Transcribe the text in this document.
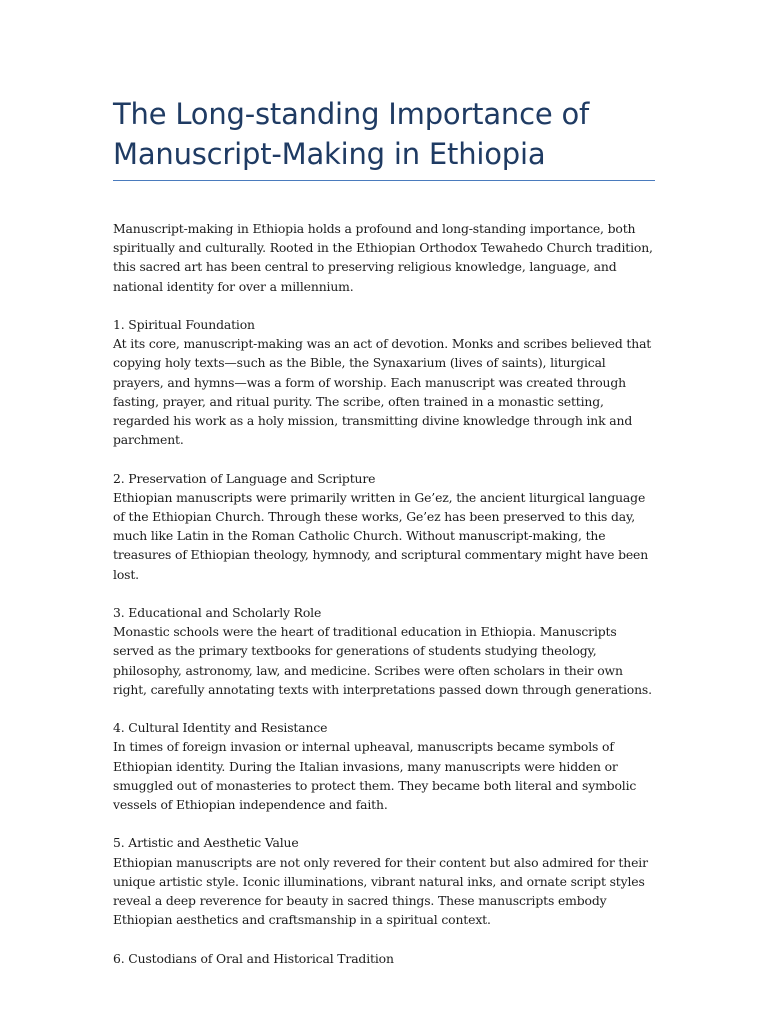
The Long-standing Importance of Manuscript-Making in Ethiopia

Manuscript-making in Ethiopia holds a profound and long-standing importance, both spiritually and culturally. Rooted in the Ethiopian Orthodox Tewahedo Church tradition, this sacred art has been central to preserving religious knowledge, language, and national identity for over a millennium.

1. Spiritual Foundation

At its core, manuscript-making was an act of devotion. Monks and scribes believed that copying holy texts—such as the Bible, the Synaxarium (lives of saints), liturgical prayers, and hymns—was a form of worship. Each manuscript was created through fasting, prayer, and ritual purity. The scribe, often trained in a monastic setting, regarded his work as a holy mission, transmitting divine knowledge through ink and parchment.

2. Preservation of Language and Scripture

Ethiopian manuscripts were primarily written in Ge’ez, the ancient liturgical language of the Ethiopian Church. Through these works, Ge’ez has been preserved to this day, much like Latin in the Roman Catholic Church. Without manuscript-making, the treasures of Ethiopian theology, hymnody, and scriptural commentary might have been lost.

3. Educational and Scholarly Role

Monastic schools were the heart of traditional education in Ethiopia. Manuscripts served as the primary textbooks for generations of students studying theology, philosophy, astronomy, law, and medicine. Scribes were often scholars in their own right, carefully annotating texts with interpretations passed down through generations.

4. Cultural Identity and Resistance

In times of foreign invasion or internal upheaval, manuscripts became symbols of Ethiopian identity. During the Italian invasions, many manuscripts were hidden or smuggled out of monasteries to protect them. They became both literal and symbolic vessels of Ethiopian independence and faith.

5. Artistic and Aesthetic Value

Ethiopian manuscripts are not only revered for their content but also admired for their unique artistic style. Iconic illuminations, vibrant natural inks, and ornate script styles reveal a deep reverence for beauty in sacred things. These manuscripts embody Ethiopian aesthetics and craftsmanship in a spiritual context.

6. Custodians of Oral and Historical Tradition
